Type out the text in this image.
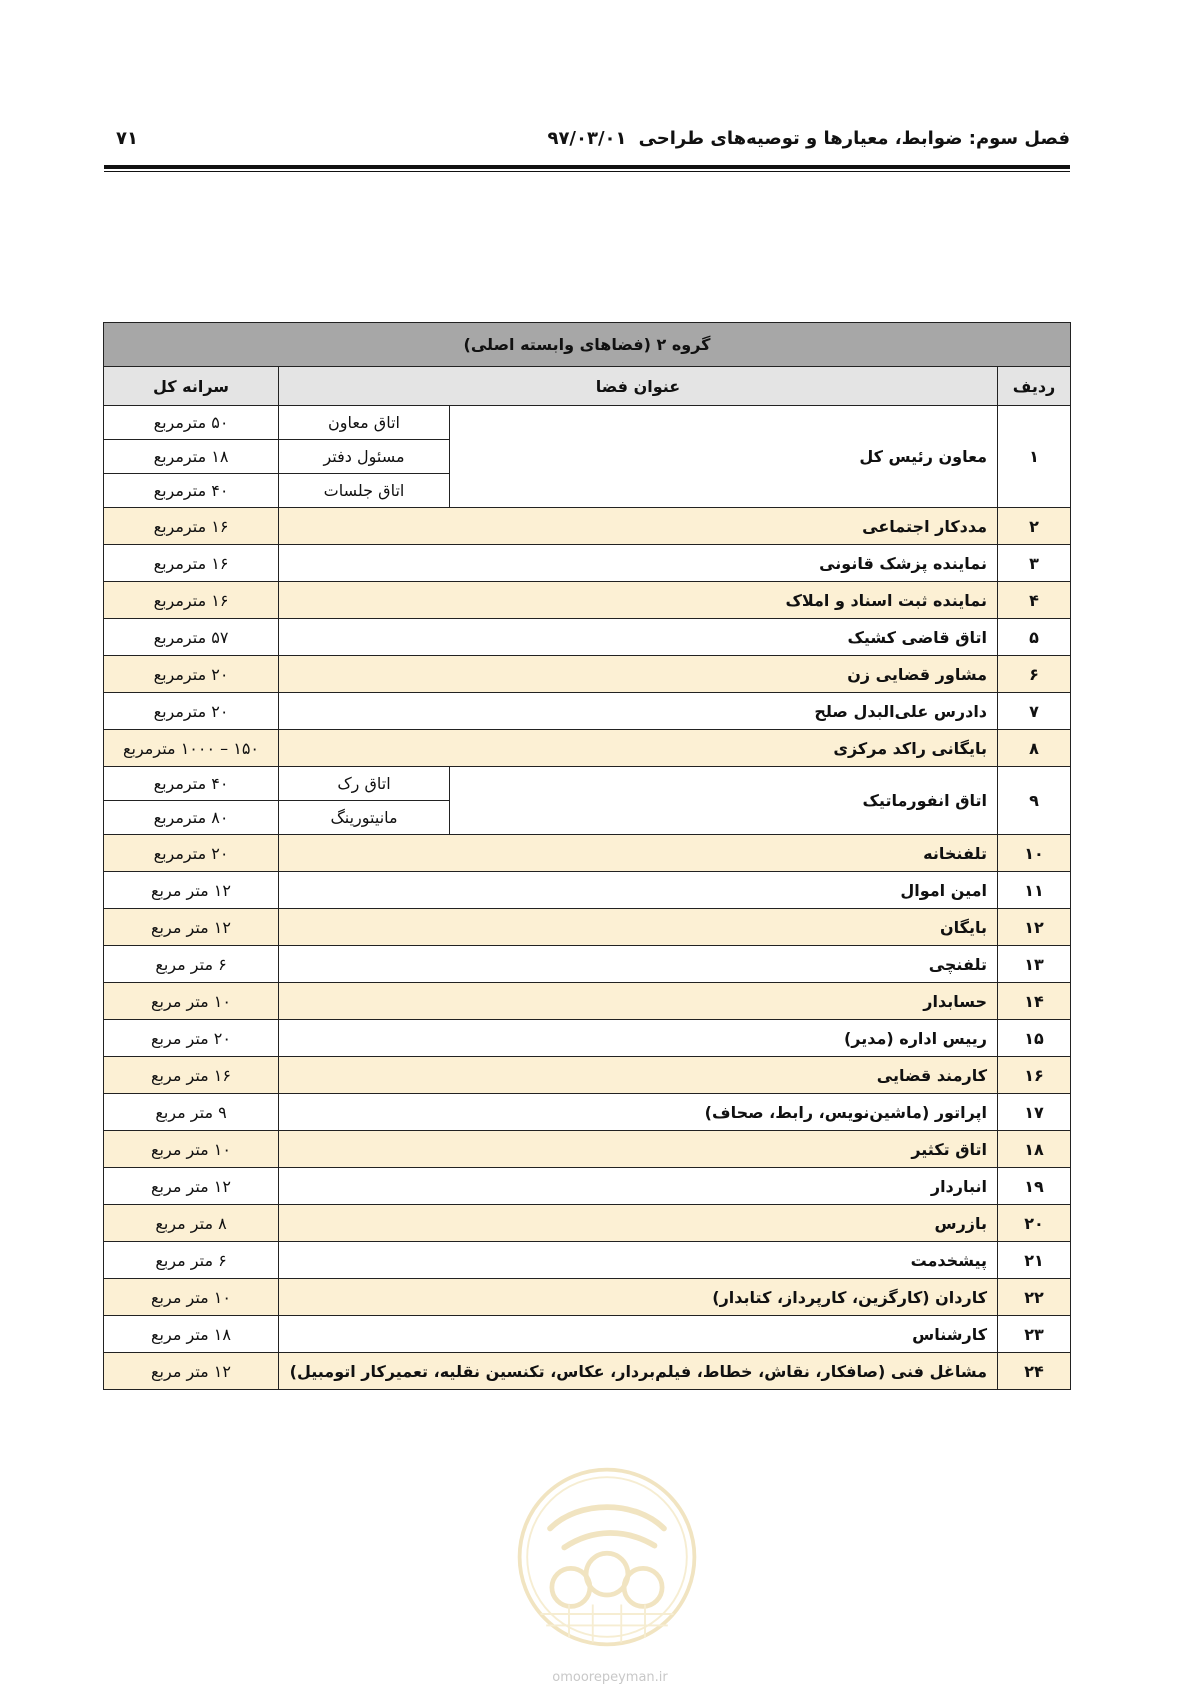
فصل سوم: ضوابط، معیارها و توصیه‌های طراحی
۹۷/۰۳/۰۱
۷۱
گروه ۲ (فضاهای وابسته اصلی)			
ردیف	عنوان فضا		سرانه کل
۱	معاون رئیس کل	اتاق معاون	۵۰ مترمربع
		مسئول دفتر	۱۸ مترمربع
		اتاق جلسات	۴۰ مترمربع
۲	مددکار اجتماعی		۱۶ مترمربع
۳	نماینده پزشک قانونی		۱۶ مترمربع
۴	نماینده ثبت اسناد و املاک		۱۶ مترمربع
۵	اتاق قاضی کشیک		۵۷ مترمربع
۶	مشاور قضایی زن		۲۰ مترمربع
۷	دادرس علی‌البدل صلح		۲۰ مترمربع
۸	بایگانی راکد مرکزی		۱۵۰ – ۱۰۰۰ مترمربع
۹	اتاق انفورماتیک	اتاق رک	۴۰ مترمربع
		مانیتورینگ	۸۰ مترمربع
۱۰	تلفنخانه		۲۰ مترمربع
۱۱	امین اموال		۱۲ متر مربع
۱۲	بایگان		۱۲ متر مربع
۱۳	تلفنچی		۶ متر مربع
۱۴	حسابدار		۱۰ متر مربع
۱۵	رییس اداره (مدیر)		۲۰ متر مربع
۱۶	کارمند قضایی		۱۶ متر مربع
۱۷	اپراتور (ماشین‌نویس، رابط، صحاف)		۹ متر مربع
۱۸	اتاق تکثیر		۱۰ متر مربع
۱۹	انباردار		۱۲ متر مربع
۲۰	بازرس		۸ متر مربع
۲۱	پیشخدمت		۶ متر مربع
۲۲	کاردان (کارگزین، کارپرداز، کتابدار)		۱۰ متر مربع
۲۳	کارشناس		۱۸ متر مربع
۲۴	مشاغل فنی (صافکار، نقاش، خطاط، فیلم‌بردار، عکاس، تکنسین نقلیه، تعمیرکار اتومبیل)		۱۲ متر مربع
omoorepeyman.ir
